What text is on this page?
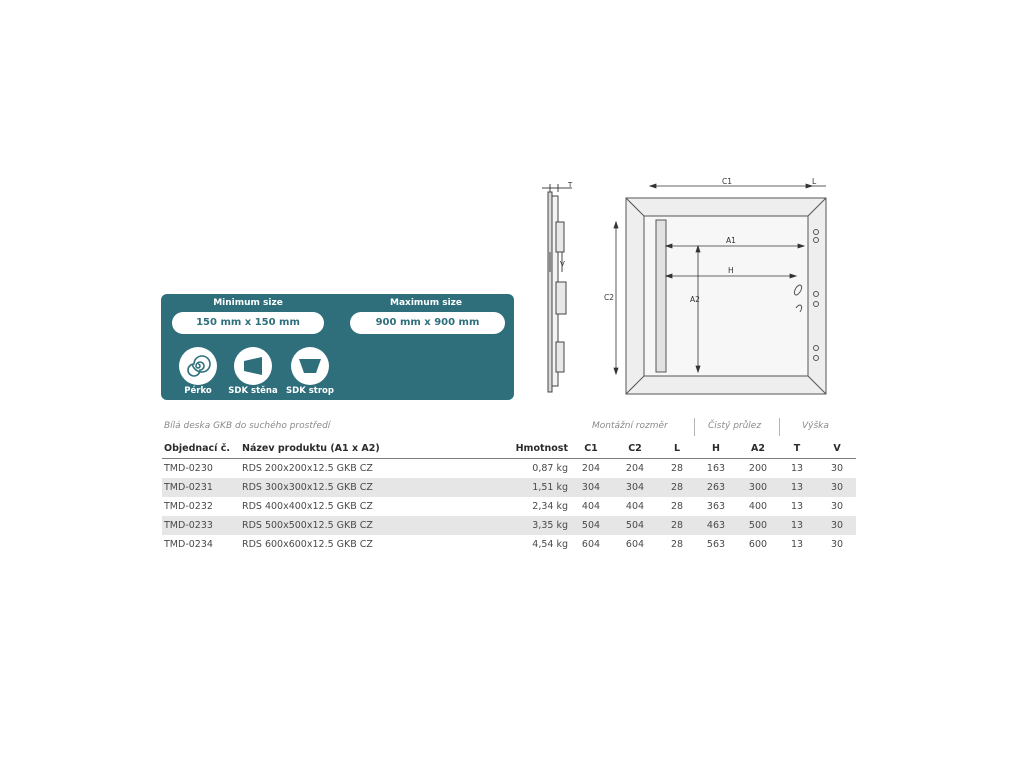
Minimum size
150 mm x 150 mm
Maximum size
900 mm x 900 mm
Pérko	SDK stěna SDK strop
T
V
C1	L
C2
A1
A2
H
Bílá deska GKB do suchého prostředí	Montážní rozměr	Čistý průlez	Výška
Objednací č. Název produktu (A1 x A2)	Hmotnost	C1	C2	L	H	A2	T	V
TMD-0230	RDS 200x200x12.5 GKB CZ	0,87 kg 204	204	28	163	200	13	30
TMD-0231	RDS 300x300x12.5 GKB CZ	1,51 kg 304	304	28	263	300	13	30
TMD-0232	RDS 400x400x12.5 GKB CZ	2,34 kg 404	404	28	363	400	13	30
TMD-0233	RDS 500x500x12.5 GKB CZ	3,35 kg 504	504	28	463	500	13	30
TMD-0234	RDS 600x600x12.5 GKB CZ	4,54 kg 604	604	28	563	600	13	30
